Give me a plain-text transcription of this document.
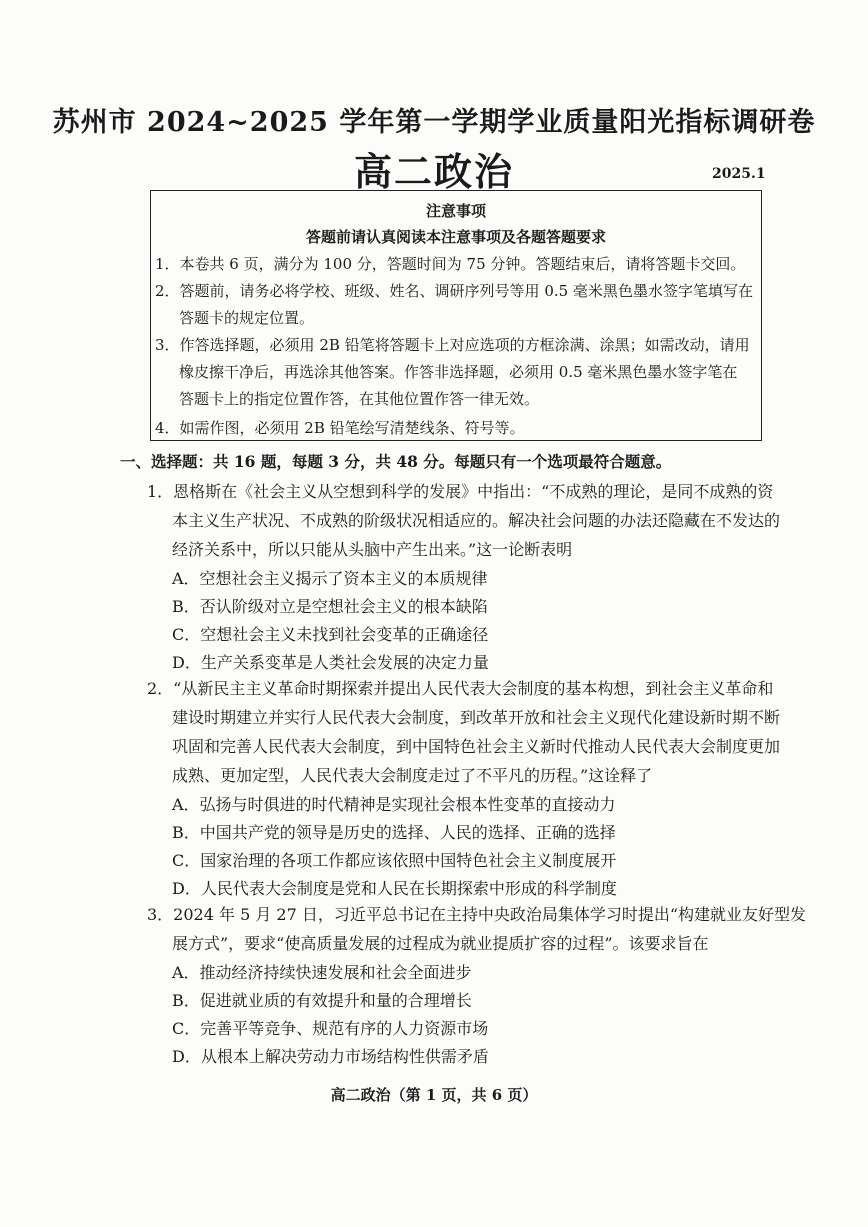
苏州市 2024~2025 学年第一学期学业质量阳光指标调研卷
高二政治	2025.1
注意事项
答题前请认真阅读本注意事项及各题答题要求
1．本卷共 6 页，满分为 100 分，答题时间为 75 分钟。答题结束后，请将答题卡交回。
2．答题前，请务必将学校、班级、姓名、调研序列号等用 0.5 毫米黑色墨水签字笔填写在
答题卡的规定位置。
3．作答选择题，必须用 2B 铅笔将答题卡上对应选项的方框涂满、涂黑；如需改动，请用
橡皮擦干净后，再选涂其他答案。作答非选择题，必须用 0.5 毫米黑色墨水签字笔在
答题卡上的指定位置作答，在其他位置作答一律无效。
4．如需作图，必须用 2B 铅笔绘写清楚线条、符号等。
一、选择题：共 16 题，每题 3 分，共 48 分。每题只有一个选项最符合题意。
1．恩格斯在《社会主义从空想到科学的发展》中指出：“不成熟的理论，是同不成熟的资
本主义生产状况、不成熟的阶级状况相适应的。解决社会问题的办法还隐藏在不发达的
经济关系中，所以只能从头脑中产生出来。”这一论断表明
A．空想社会主义揭示了资本主义的本质规律
B．否认阶级对立是空想社会主义的根本缺陷
C．空想社会主义未找到社会变革的正确途径
D．生产关系变革是人类社会发展的决定力量
2．“从新民主主义革命时期探索并提出人民代表大会制度的基本构想，到社会主义革命和
建设时期建立并实行人民代表大会制度，到改革开放和社会主义现代化建设新时期不断
巩固和完善人民代表大会制度，到中国特色社会主义新时代推动人民代表大会制度更加
成熟、更加定型，人民代表大会制度走过了不平凡的历程。”这诠释了
A．弘扬与时俱进的时代精神是实现社会根本性变革的直接动力
B．中国共产党的领导是历史的选择、人民的选择、正确的选择
C．国家治理的各项工作都应该依照中国特色社会主义制度展开
D．人民代表大会制度是党和人民在长期探索中形成的科学制度
3．2024 年 5 月 27 日，习近平总书记在主持中央政治局集体学习时提出“构建就业友好型发
展方式”，要求“使高质量发展的过程成为就业提质扩容的过程”。该要求旨在
A．推动经济持续快速发展和社会全面进步
B．促进就业质的有效提升和量的合理增长
C．完善平等竞争、规范有序的人力资源市场
D．从根本上解决劳动力市场结构性供需矛盾
高二政治（第 1 页，共 6 页）
